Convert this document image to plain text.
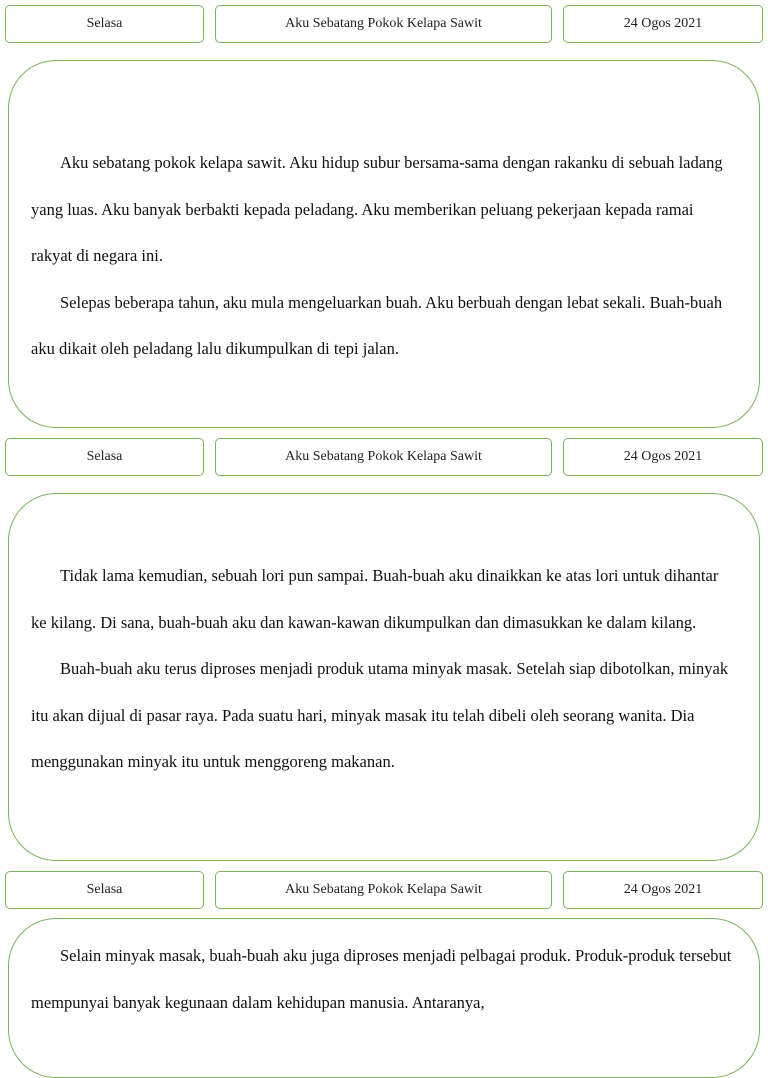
Selasa	Aku Sebatang Pokok Kelapa Sawit	24 Ogos 2021

Aku sebatang pokok kelapa sawit. Aku hidup subur bersama-sama dengan rakanku di sebuah ladang yang luas. Aku banyak berbakti kepada peladang. Aku memberikan peluang pekerjaan kepada ramai rakyat di negara ini.

Selepas beberapa tahun, aku mula mengeluarkan buah. Aku berbuah dengan lebat sekali. Buah-buah aku dikait oleh peladang lalu dikumpulkan di tepi jalan.

Selasa	Aku Sebatang Pokok Kelapa Sawit	24 Ogos 2021

Tidak lama kemudian, sebuah lori pun sampai. Buah-buah aku dinaikkan ke atas lori untuk dihantar ke kilang. Di sana, buah-buah aku dan kawan-kawan dikumpulkan dan dimasukkan ke dalam kilang.

Buah-buah aku terus diproses menjadi produk utama minyak masak. Setelah siap dibotolkan, minyak itu akan dijual di pasar raya. Pada suatu hari, minyak masak itu telah dibeli oleh seorang wanita. Dia menggunakan minyak itu untuk menggoreng makanan.

Selasa	Aku Sebatang Pokok Kelapa Sawit	24 Ogos 2021

Selain minyak masak, buah-buah aku juga diproses menjadi pelbagai produk. Produk-produk tersebut mempunyai banyak kegunaan dalam kehidupan manusia. Antaranya,
